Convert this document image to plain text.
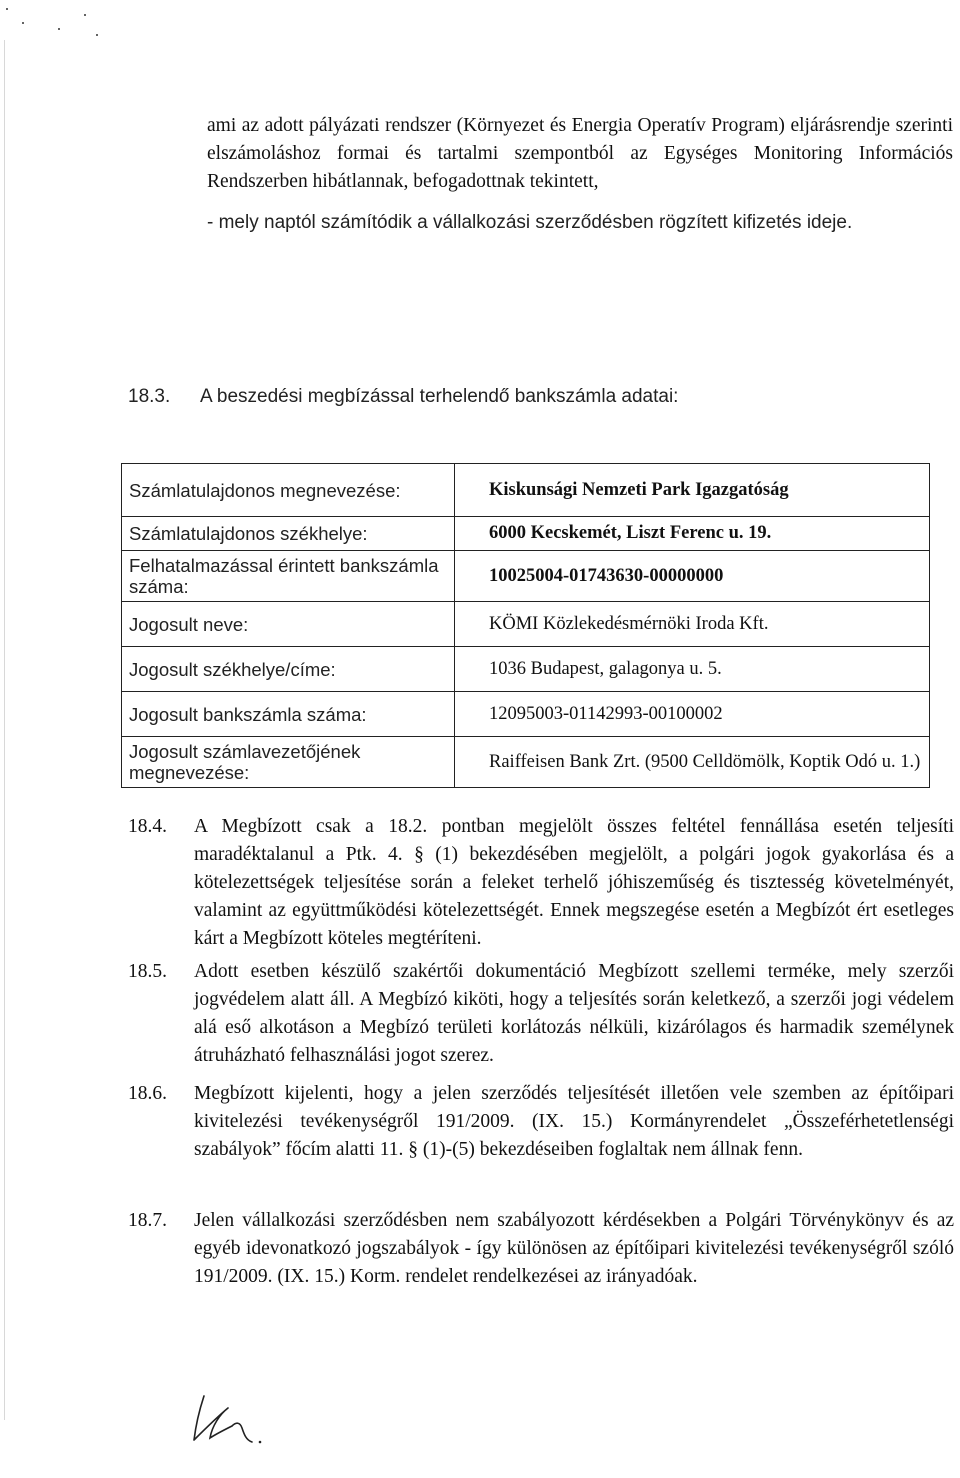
ami az adott pályázati rendszer (Környezet és Energia Operatív Program) eljárásrendje szerinti elszámoláshoz formai és tartalmi szempontból az Egységes Monitoring Információs Rendszerben hibátlannak, befogadottnak tekintett,
- mely naptól számítódik a vállalkozási szerződésben rögzített kifizetés ideje.
18.3. A beszedési megbízással terhelendő bankszámla adatai:
Számlatulajdonos megnevezése:	Kiskunsági Nemzeti Park Igazgatóság
Számlatulajdonos székhelye:	6000 Kecskemét, Liszt Ferenc u. 19.
Felhatalmazással érintett bankszámla száma:	10025004-01743630-00000000
Jogosult neve:	KÖMI Közlekedésmérnöki Iroda Kft.
Jogosult székhelye/címe:	1036 Budapest, galagonya u. 5.
Jogosult bankszámla száma:	12095003-01142993-00100002
Jogosult számlavezetőjének megnevezése:	Raiffeisen Bank Zrt. (9500 Celldömölk, Koptik Odó u. 1.)
18.4. A Megbízott csak a 18.2. pontban megjelölt összes feltétel fennállása esetén teljesíti maradéktalanul a Ptk. 4. § (1) bekezdésében megjelölt, a polgári jogok gyakorlása és a kötelezettségek teljesítése során a feleket terhelő jóhiszeműség és tisztesség követelményét, valamint az együttműködési kötelezettségét. Ennek megszegése esetén a Megbízót ért esetleges kárt a Megbízott köteles megtéríteni.
18.5. Adott esetben készülő szakértői dokumentáció Megbízott szellemi terméke, mely szerzői jogvédelem alatt áll. A Megbízó kiköti, hogy a teljesítés során keletkező, a szerzői jogi védelem alá eső alkotáson a Megbízó területi korlátozás nélküli, kizárólagos és harmadik személynek átruházható felhasználási jogot szerez.
18.6. Megbízott kijelenti, hogy a jelen szerződés teljesítését illetően vele szemben az építőipari kivitelezési tevékenységről 191/2009. (IX. 15.) Kormányrendelet „Összeférhetetlenségi szabályok” főcím alatti 11. § (1)-(5) bekezdéseiben foglaltak nem állnak fenn.
18.7. Jelen vállalkozási szerződésben nem szabályozott kérdésekben a Polgári Törvénykönyv és az egyéb idevonatkozó jogszabályok - így különösen az építőipari kivitelezési tevékenységről szóló 191/2009. (IX. 15.) Korm. rendelet rendelkezései az irányadóak.
